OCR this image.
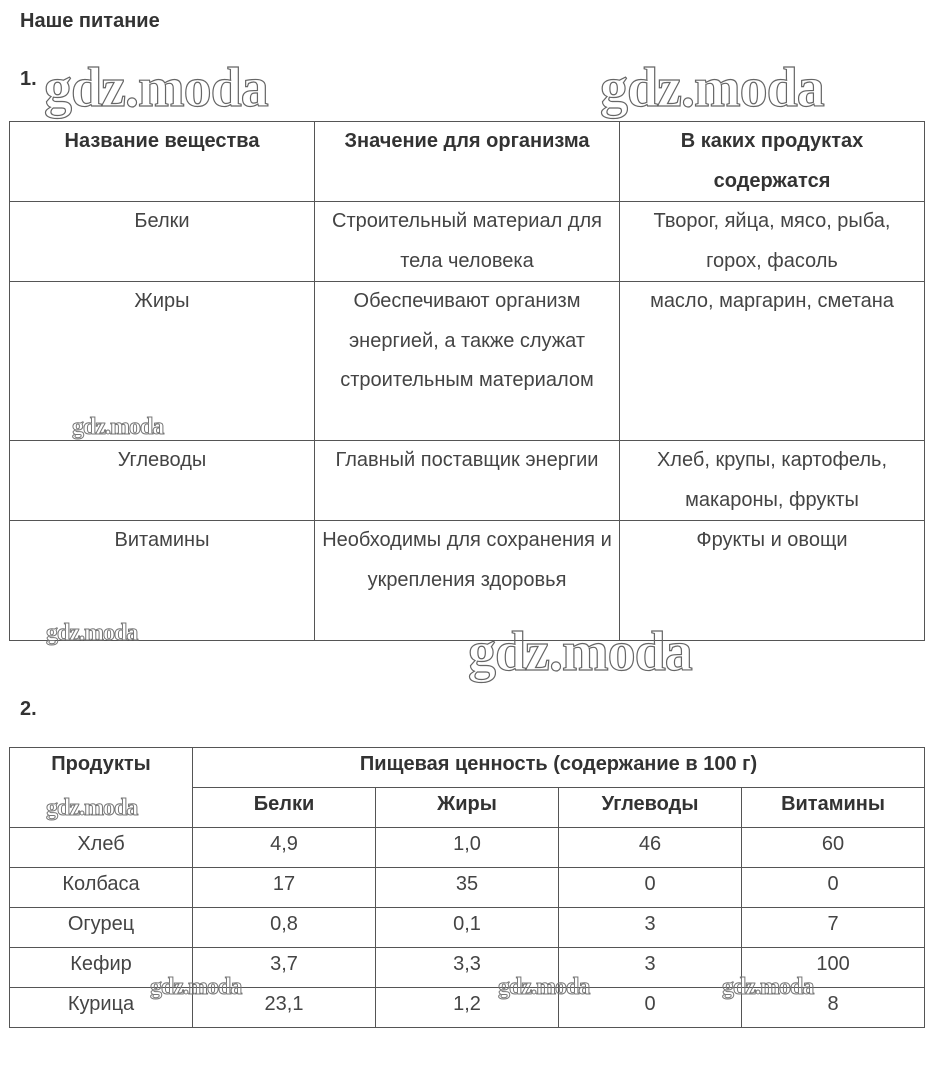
Наше питание
1.
Название вещества	Значение для организма	В каких продуктах содержатся
Белки	Строительный материал для тела человека	Творог, яйца, мясо, рыба, горох, фасоль
Жиры	Обеспечивают организм энергией, а также служат строительным материалом	масло, маргарин, сметана
Углеводы	Главный поставщик энергии	Хлеб, крупы, картофель, макароны, фрукты
Витамины	Необходимы для сохранения и укрепления здоровья	Фрукты и овощи
2.
Продукты	Пищевая ценность (содержание в 100 г)			
	Белки	Жиры	Углеводы	Витамины
Хлеб	4,9	1,0	46	60
Колбаса	17	35	0	0
Огурец	0,8	0,1	3	7
Кефир	3,7	3,3	3	100
Курица	23,1	1,2	0	8
gdz.moda	gdz.moda
gdz.moda
gdz.moda	gdz.moda
gdz.moda
gdz.moda	gdz.moda	gdz.moda
